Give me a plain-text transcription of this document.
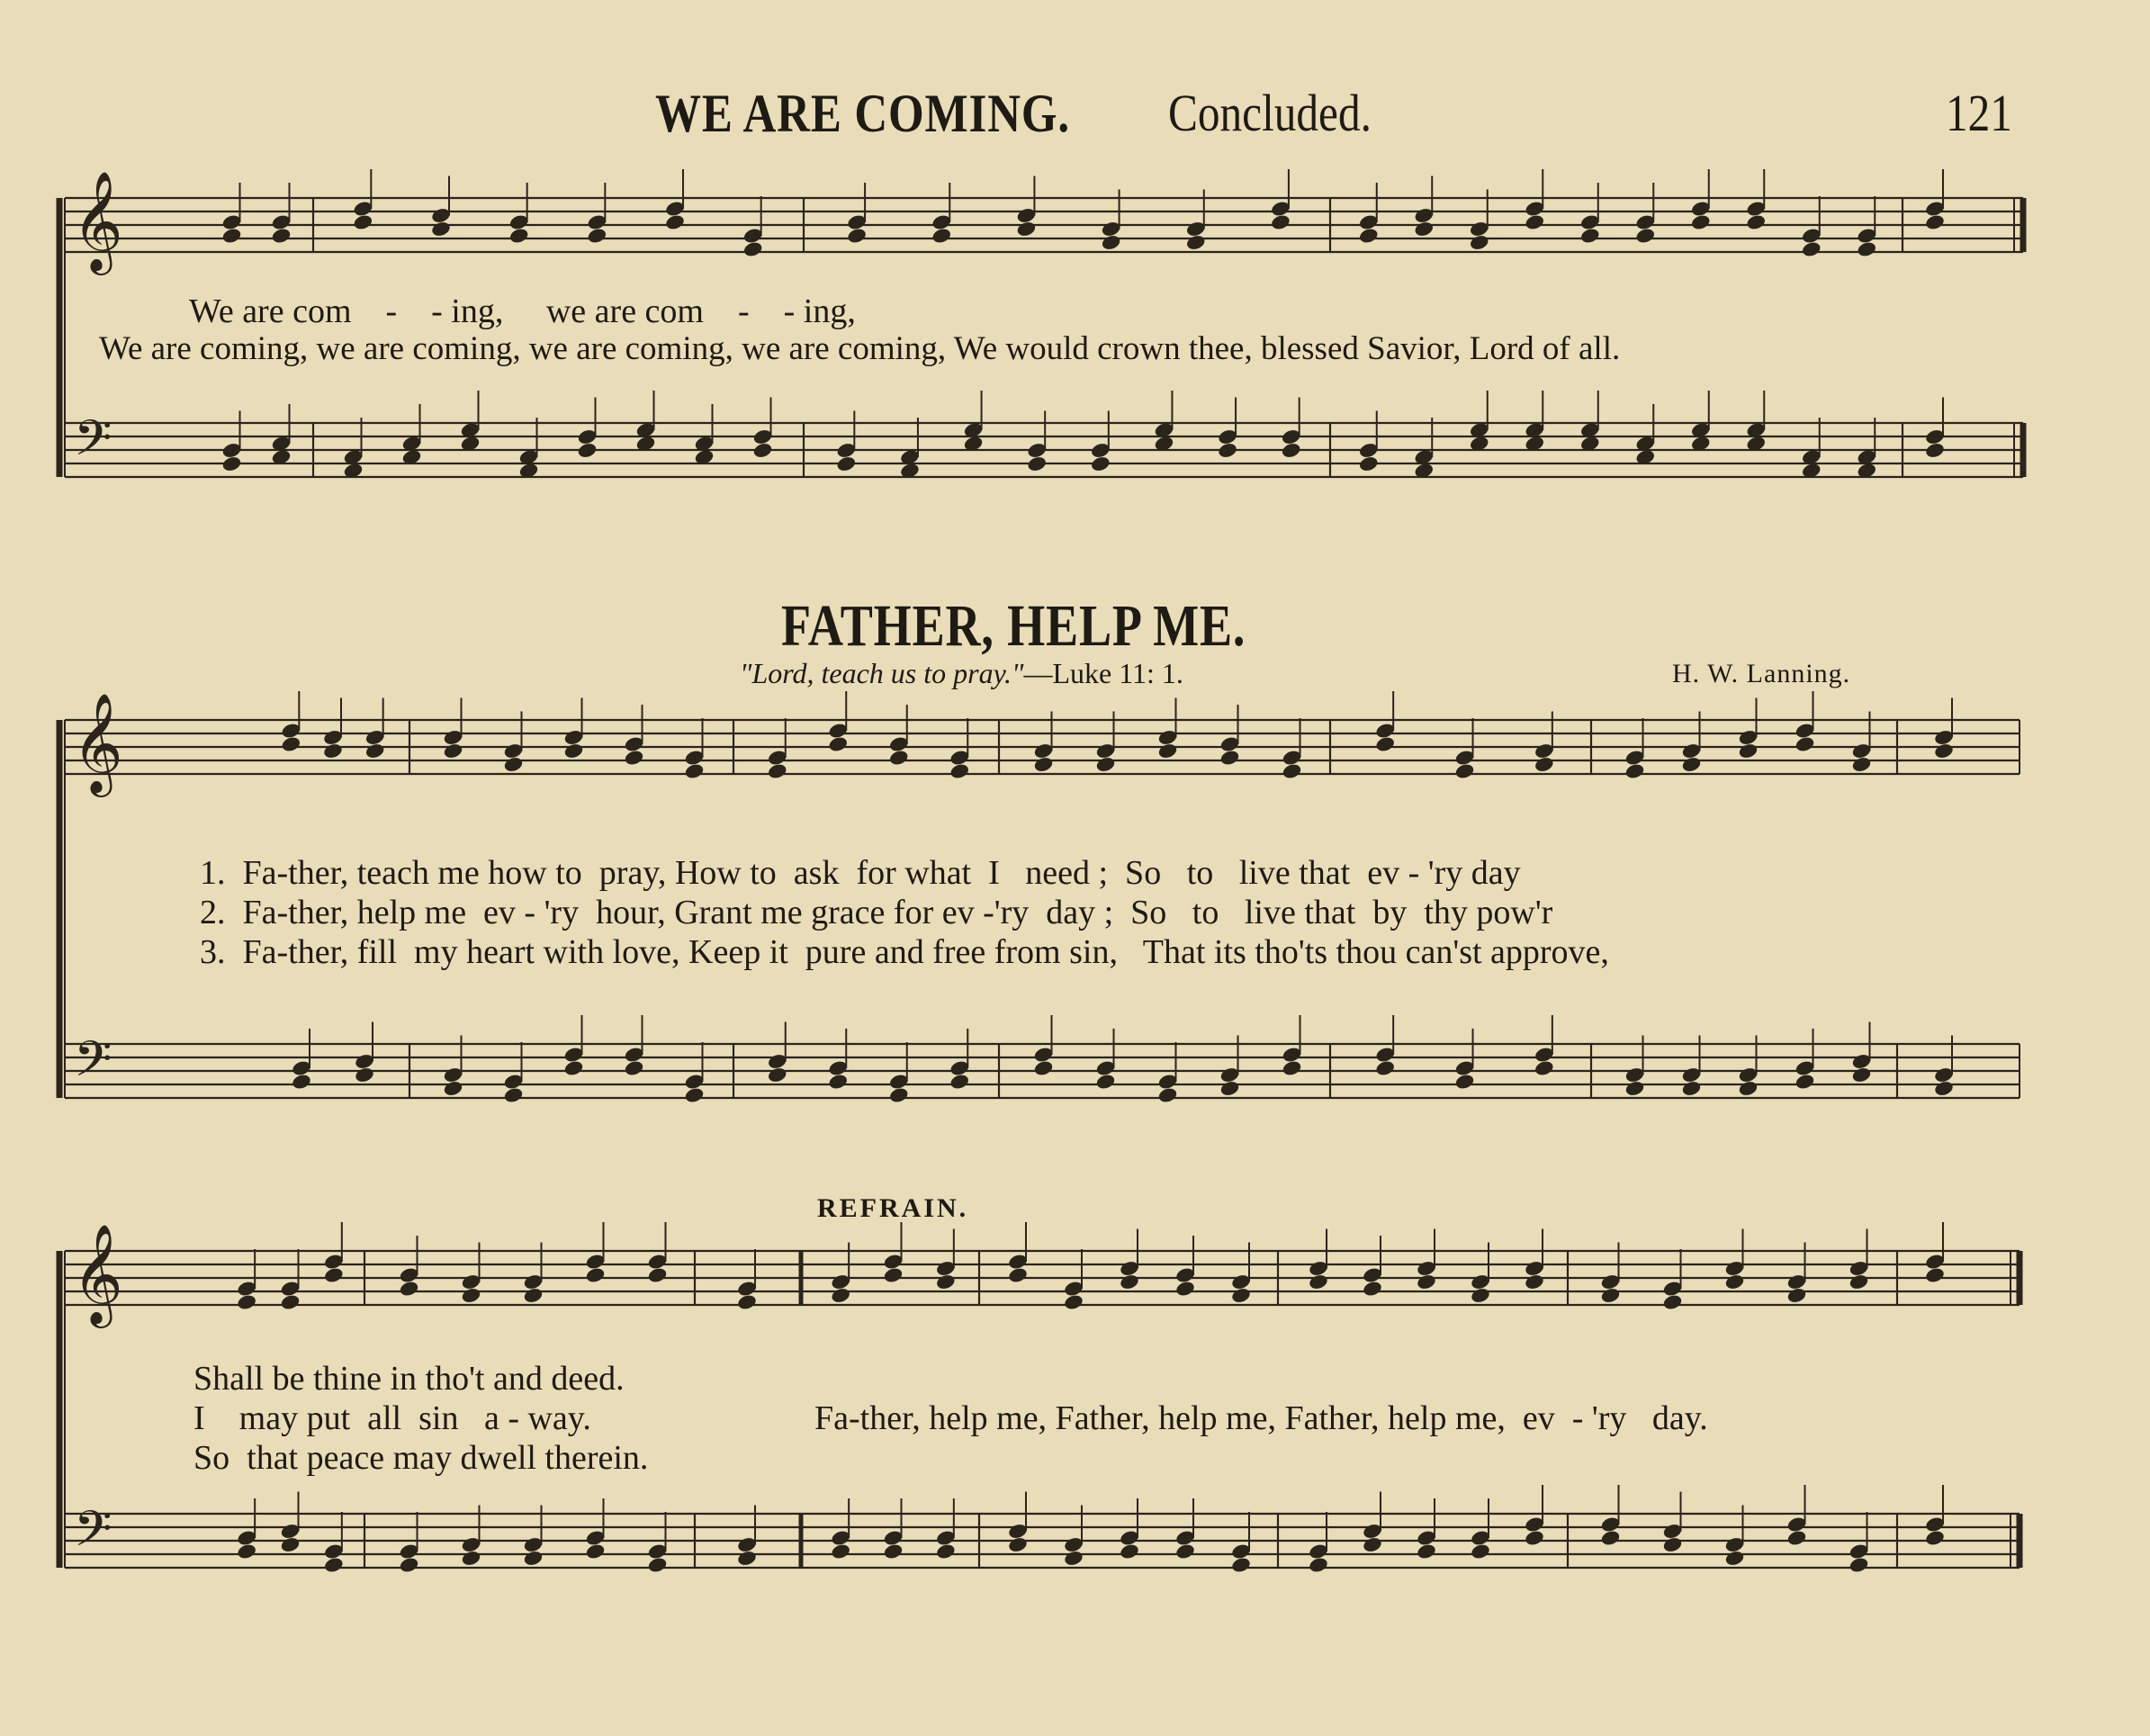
𝄞
𝄢
𝄞
𝄢
𝄞
𝄢
WE ARE COMING. Concluded.	121
We are com    -    - ing,     we are com    -    - ing,
We are coming, we are coming, we are coming, we are coming, We would crown thee, blessed Savior, Lord of all.
FATHER, HELP ME.
"Lord, teach us to pray."—Luke 11: 1.	H. W. Lanning.
1.  Fa-ther, teach me how to  pray, How to  ask  for what  I   need ;  So   to   live that  ev - 'ry day
2.  Fa-ther, help me  ev - 'ry  hour, Grant me grace for ev -'ry  day ;  So   to   live that  by  thy pow'r
3.  Fa-ther, fill  my heart with love, Keep it  pure and free from sin,   That its tho'ts thou can'st approve,
REFRAIN.
Shall be thine in tho't and deed.
I    may put  all  sin   a - way.
So  that peace may dwell therein.
Fa-ther, help me, Father, help me, Father, help me,  ev  - 'ry   day.
